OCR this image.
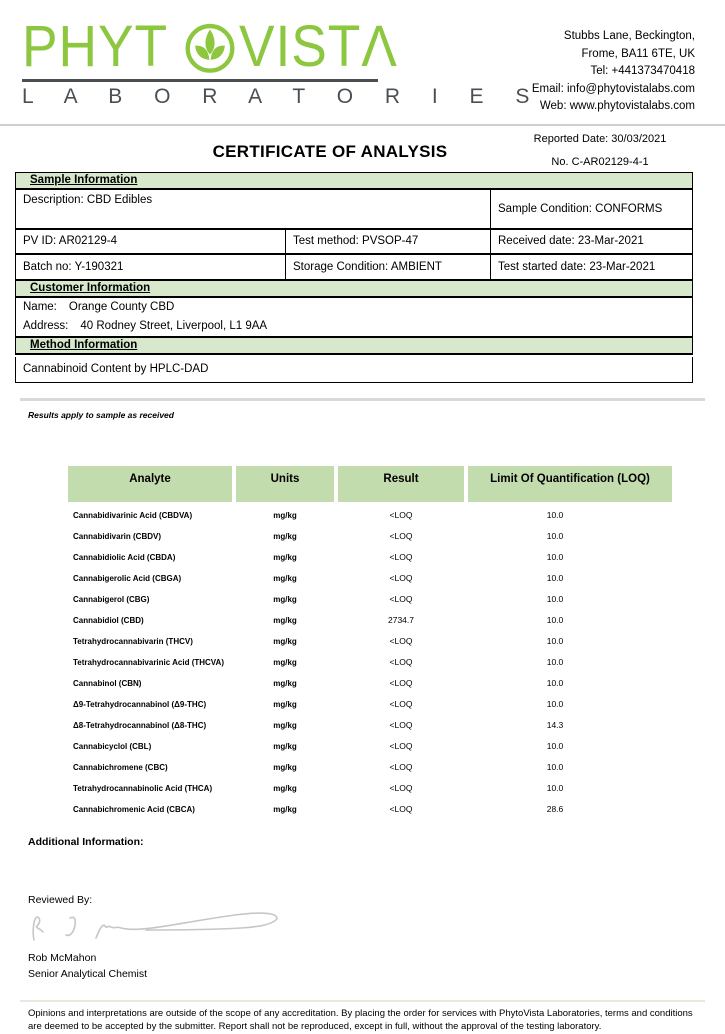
PHYT VISTΛ
L A B O R A T O R I E S
Stubbs Lane, Beckington,
Frome, BA11 6TE, UK
Tel: +441373470418
Email: info@phytovistalabs.com
Web: www.phytovistalabs.com
CERTIFICATE OF ANALYSIS
Reported Date: 30/03/2021
No. C-AR02129-4-1
Sample Information
Description: CBD Edibles
Sample Condition: CONFORMS
PV ID: AR02129-4	Test method: PVSOP-47	Received date: 23-Mar-2021
Batch no: Y-190321	Storage Condition: AMBIENT	Test started date: 23-Mar-2021
Customer Information
Name: Orange County CBD
Address: 40 Rodney Street, Liverpool, L1 9AA
Method Information
Cannabinoid Content by HPLC-DAD
Results apply to sample as received
Analyte	Units	Result	Limit Of Quantification (LOQ)
Cannabidivarinic Acid (CBDVA)	mg/kg	<LOQ	10.0
Cannabidivarin (CBDV)	mg/kg	<LOQ	10.0
Cannabidiolic Acid (CBDA)	mg/kg	<LOQ	10.0
Cannabigerolic Acid (CBGA)	mg/kg	<LOQ	10.0
Cannabigerol (CBG)	mg/kg	<LOQ	10.0
Cannabidiol (CBD)	mg/kg	2734.7	10.0
Tetrahydrocannabivarin (THCV)	mg/kg	<LOQ	10.0
Tetrahydrocannabivarinic Acid (THCVA)	mg/kg	<LOQ	10.0
Cannabinol (CBN)	mg/kg	<LOQ	10.0
Δ9-Tetrahydrocannabinol (Δ9-THC)	mg/kg	<LOQ	10.0
Δ8-Tetrahydrocannabinol (Δ8-THC)	mg/kg	<LOQ	14.3
Cannabicyclol (CBL)	mg/kg	<LOQ	10.0
Cannabichromene (CBC)	mg/kg	<LOQ	10.0
Tetrahydrocannabinolic Acid (THCA)	mg/kg	<LOQ	10.0
Cannabichromenic Acid (CBCA)	mg/kg	<LOQ	28.6
Additional Information:
Reviewed By:
Rob McMahon
Senior Analytical Chemist
Opinions and interpretations are outside of the scope of any accreditation. By placing the order for services with PhytoVista Laboratories, terms and conditions are deemed to be accepted by the submitter. Report shall not be reproduced, except in full, without the approval of the testing laboratory.
